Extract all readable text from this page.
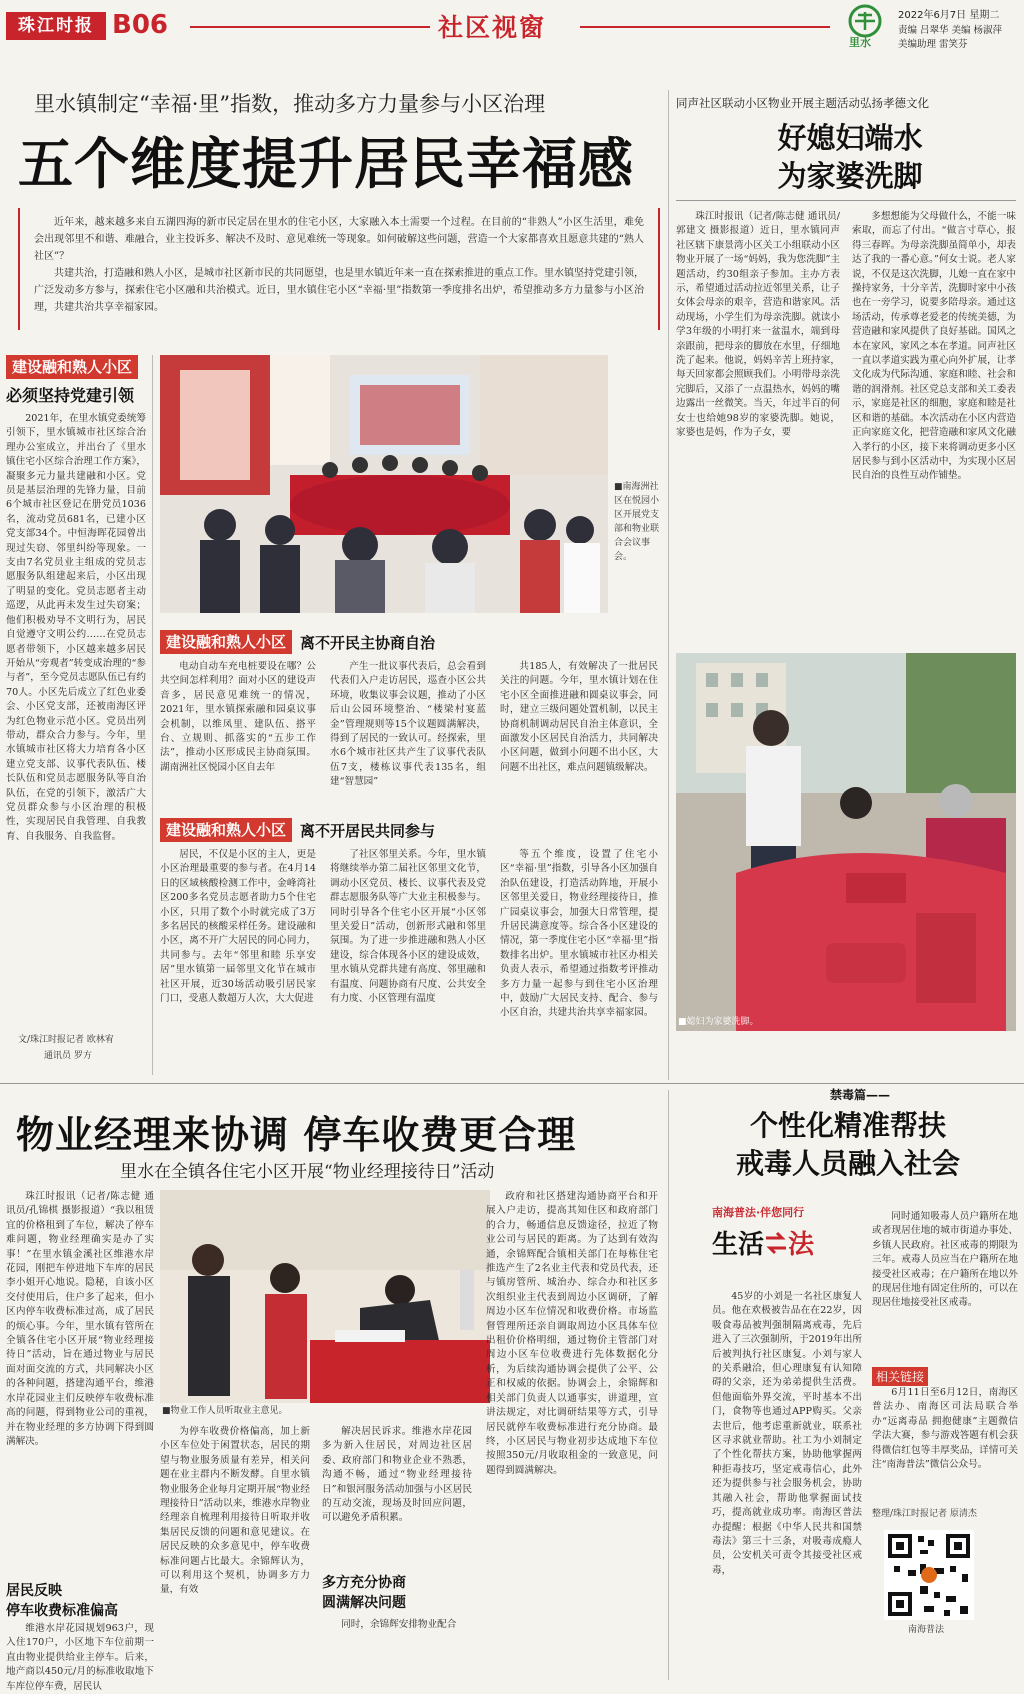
珠江时报 B06	社区视窗
里水
2022年6月7日 星期二
责编 吕翠华 美编 杨淑萍
美编助理 雷笑芬
里水镇制定“幸福·里”指数，推动多方力量参与小区治理
五个维度提升居民幸福感

近年来，越来越多来自五湖四海的新市民定居在里水的住宅小区，大家融入本土需要一个过程。在目前的“非熟人”小区生活里，难免会出现邻里不和谐、难融合，业主投诉多、解决不及时、意见难统一等现象。如何破解这些问题，营造一个大家都喜欢且愿意共建的“熟人社区”？

共建共治，打造融和熟人小区，是城市社区新市民的共同愿望，也是里水镇近年来一直在探索推进的重点工作。里水镇坚持党建引领，广泛发动多方参与，探索住宅小区融和共治模式。近日，里水镇住宅小区“幸福·里”指数第一季度排名出炉，希望推动多方力量参与小区治理，共建共治共享幸福家园。

建设融和熟人小区
必须坚持党建引领

2021年，在里水镇党委统筹引领下，里水镇城市社区综合治理办公室成立，并出台了《里水镇住宅小区综合治理工作方案》，凝聚多元力量共建融和小区。党员是基层治理的先锋力量，目前6个城市社区登记在册党员1036名，流动党员681名，已建小区党支部34个。中恒海晖花园曾出现过失窃、邻里纠纷等现象。一支由7名党员业主组成的党员志愿服务队组建起来后，小区出现了明显的变化。党员志愿者主动巡逻，从此再未发生过失窃案；他们积极劝导不文明行为，居民自觉遵守文明公约……在党员志愿者带领下，小区越来越多居民开始从“旁观者”转变成治理的“参与者”，至今党员志愿队伍已有约70人。小区先后成立了红色业委会、小区党支部，还被南海区评为红色物业示范小区。党员出列带动，群众合力参与。今年，里水镇城市社区将大力培育各小区建立党支部、议事代表队伍、楼长队伍和党员志愿服务队等自治队伍，在党的引领下，激活广大党员群众参与小区治理的积极性，实现居民自我管理、自我教育、自我服务、自我监督。

文/珠江时报记者 欧林宥
通讯员 罗方
■南海洲社区在悦园小区开展党支部和物业联合会议事会。
建设融和熟人小区 离不开民主协商自治

电动自动车充电桩要设在哪？公共空间怎样利用？面对小区的建设声音多，居民意见难统一的情况，2021年，里水镇探索融和园桌议事会机制，以维凤里、建队伍、搭平台、立规则、抓落实的“五步工作法”，推动小区形成民主协商氛围。湖南洲社区悦园小区自去年

产生一批议事代表后，总会看到代表们入户走访居民，巡查小区公共环境，收集议事会议题，推动了小区后山公园环境整治、“楼梁村宴蓝金”管理规则等15个议题圆满解决，得到了居民的一致认可。经探索，里水6个城市社区共产生了议事代表队伍7支，楼栋议事代表135名，组建“智慧园”

共185人，有效解决了一批居民关注的问题。今年，里水镇计划在住宅小区全面推进融和圆桌议事会，同时，建立三级问题处置机制，以民主协商机制调动居民自治主体意识，全面激发小区居民自治活力，共同解决小区问题，做到小问题不出小区，大问题不出社区，难点问题镇级解决。

建设融和熟人小区 离不开居民共同参与

居民，不仅是小区的主人，更是小区治理最重要的参与者。在4月14日的区域核酸检测工作中，金峰湾社区200多名党员志愿者助力5个住宅小区，只用了数个小时就完成了3万多名居民的核酸采样任务。建设融和小区，离不开广大居民的同心同力，共同参与。去年“邻里和睦 乐享安居”里水镇第一届邻里文化节在城市社区开展，近30场活动吸引居民家门口，受惠人数超万人次，大大促进

了社区邻里关系。今年，里水镇将继续举办第二届社区邻里文化节，调动小区党员、楼长、议事代表及党群志愿服务队等广大业主积极参与。同时引导各个住宅小区开展“小区邻里关爱日”活动，创新形式融和邻里氛围。为了进一步推进融和熟人小区建设，综合体现各小区的建设成效，里水镇从党群共建有高度、邻里融和有温度、问题协商有尺度、公共安全有力度、小区管理有温度

等五个维度，设置了住宅小区“幸福·里”指数，引导各小区加强自治队伍建设，打造活动阵地，开展小区邻里关爱日，物业经理接待日，推广园桌议事会，加强大日常管理，提升居民满意度等。综合各小区建设的情况，第一季度住宅小区“幸福·里”指数排名出炉。里水镇城市社区办相关负责人表示，希望通过指数考评推动多方力量一起参与到住宅小区治理中，鼓励广大居民支持、配合、参与小区自治，共建共治共享幸福家园。

同声社区联动小区物业开展主题活动弘扬孝德文化
好媳妇端水
为家婆洗脚

珠江时报讯（记者/陈志健 通讯员/郭建文 摄影报道）近日，里水镇同声社区辖下康景湾小区关工小组联动小区物业开展了一场“妈妈，我为您洗脚”主题活动，约30组亲子参加。主办方表示，希望通过活动拉近邻里关系，让子女体会母亲的艰辛，营造和谐家风。活动现场，小学生们为母亲洗脚。就读小学3年级的小明打来一盆温水，端到母亲跟前，把母亲的脚放在水里，仔细地洗了起来。他说，妈妈辛苦上班持家，每天回家都会照顾我们。小明带母亲洗完脚后，又添了一点温热水，妈妈的嘴边露出一丝微笑。当天，年过半百的何女士也给她98岁的家婆洗脚。她说，家婆也是妈，作为子女，要

多想想能为父母做什么，不能一味索取，而忘了付出。“做言寸草心，报得三春晖。为母亲洗脚虽简单小，却表达了我的一番心意。”何女士说。老人家说，不仅是这次洗脚，儿媳一直在家中操持家务，十分辛苦，洗脚时家中小孩也在一旁学习，说要多陪母亲。通过这场活动，传承尊老爱老的传统美德，为营造融和家风提供了良好基础。国风之本在家风，家风之本在孝道。同声社区一直以孝道实践为重心向外扩展，让孝文化成为代际沟通、家庭和睦、社会和谐的润滑剂。社区党总支部和关工委表示，家庭是社区的细胞，家庭和睦是社区和谐的基础。本次活动在小区内营造正向家庭文化，把营造融和家风文化融入孝行的小区，接下来将调动更多小区居民参与到小区活动中，为实现小区居民自治的良性互动作铺垫。

■媳妇为家婆洗脚。
物业经理来协调 停车收费更合理
里水在全镇各住宅小区开展“物业经理接待日”活动

珠江时报讯（记者/陈志健 通讯员/孔锦棋 摄影报道）“我以租赁宜的价格租到了车位，解决了停车难问题，物业经理确实是办了实事！”在里水镇金溪社区维港水岸花园，刚把车停进地下车库的居民李小姐开心地说。隐秘，自该小区交付使用后，住户多了起来，但小区内停车收费标准过高，成了居民的烦心事。今年，里水镇有管所在全镇各住宅小区开展“物业经理接待日”活动，旨在通过物业与居民面对面交流的方式，共同解决小区的各种问题，搭建沟通平台，维港水岸花园业主们反映停车收费标准高的问题，得到物业公司的重视，并在物业经理的多方协调下得到圆满解决。

居民反映
停车收费标准偏高

维港水岸花园规划963户，现入住170户，小区地下车位前期一直由物业提供给业主停车。后来，地产商以450元/月的标准收取地下车库位停车费，居民认

■物业工作人员听取业主意见。

为停车收费价格偏高，加上新小区车位处于闲置状态，居民的期望与物业服务质量有差异，相关问题在业主群内不断发酵。自里水镇物业服务企业每月定期开展“物业经理接待日”活动以来，维港水岸物业经理亲自梳理利用接待日听取并收集居民反馈的问题和意见建议。在居民反映的众多意见中，停车收费标准问题占比最大。余锦辉认为，可以利用这个契机，协调多方力量，有效

解决居民诉求。维港水岸花园多为新入住居民，对周边社区居委、政府部门和物业企业不熟悉，沟通不畅，通过“物业经理接待日”和银河服务活动加强与小区居民的互动交流，现场及时回应问题，可以避免矛盾积累。

多方充分协商
圆满解决问题

同时，余锦辉安排物业配合

政府和社区搭建沟通协商平台和开展入户走访，提高其知住区和政府部门的合力，畅通信息反馈途径，拉近了物业公司与居民的距离。为了达到有效沟通，余锦辉配合镇相关部门在每栋住宅推选产生了2名业主代表和党员代表，还与镇房管所、城治办、综合办和社区多次组织业主代表到周边小区调研，了解周边小区车位情况和收费价格。市场监督管理所还亲自调取周边小区具体车位出租价价格明细，通过物价主管部门对周边小区车位收费进行先体数据化分析，为后续沟通协调会提供了公平、公正和权威的依据。协调会上，余锦辉和相关部门负责人以通事实，讲道理，宣讲法规定，对比调研结果等方式，引导居民就停车收费标准进行充分协商。最终，小区居民与物业初步达成地下车位按照350元/月收取租金的一致意见，问题得到圆满解决。

禁毒篇——
个性化精准帮扶
戒毒人员融入社会
南海普法·伴您同行
生活 法

45岁的小刘是一名社区康复人员。他在欢极被告品在在22岁，因吸食毒品被判强制隔离戒毒，先后进入了三次强制所，于2019年出所后被判执行社区康复。小刘与家人的关系融洽，但心理康复有认知障碍的父亲，还为弟弟提供生活费。但他面临外界交流，平时基本不出门，食物等也通过APP购买。父亲去世后，他考虑重新就业，联系社区寻求就业帮助。社工为小刘制定了个性化帮扶方案，协助他掌握两种拒毒技巧，坚定戒毒信心，此外还为提供参与社会服务机会，协助其融入社会，帮助他掌握面试技巧，提高就业成功率。南海区普法办提醒：根据《中华人民共和国禁毒法》第三十三条，对吸毒成瘾人员，公安机关可责令其接受社区戒毒，

同时通知吸毒人员户籍所在地或者现居住地的城市街道办事处、乡镇人民政府。社区戒毒的期限为三年。戒毒人员应当在户籍所在地接受社区戒毒；在户籍所在地以外的现居住地有固定住所的，可以在现居住地接受社区戒毒。

相关链接

6月11日至6月12日，南海区普法办、南海区司法局联合举办“远离毒品 拥抱健康”主题微信学法大赛，参与游戏答题有机会获得微信红包等丰厚奖品，详情可关注“南海普法”微信公众号。

整理/珠江时报记者 原清杰
南海普法
